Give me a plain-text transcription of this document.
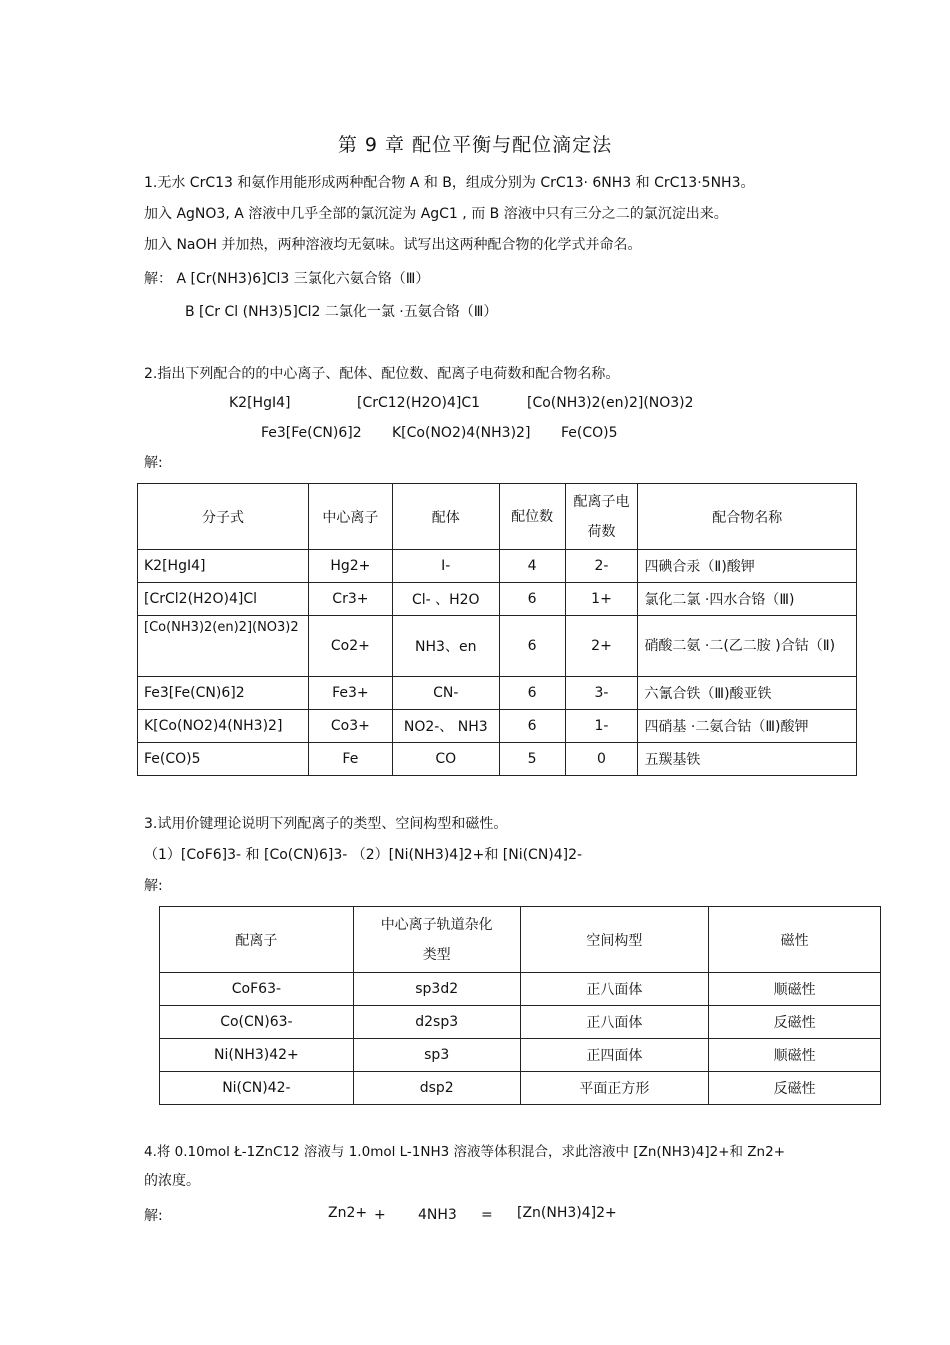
第 9 章 配位平衡与配位滴定法
1.无水 CrC13 和氨作用能形成两种配合物 A 和 B，组成分别为 CrC13· 6NH3 和 CrC13·5NH3。
加入 AgNO3, A 溶液中几乎全部的氯沉淀为 AgC1 , 而 B 溶液中只有三分之二的氯沉淀出来。
加入 NaOH 并加热，两种溶液均无氨味。试写出这两种配合物的化学式并命名。
解： A [Cr(NH3)6]Cl3 三氯化六氨合铬（Ⅲ）
B [Cr Cl (NH3)5]Cl2 二氯化一氯 ·五氨合铬（Ⅲ）
2.指出下列配合的的中心离子、配体、配位数、配离子电荷数和配合物名称。
K2[HgI4]	[CrC12(H2O)4]C1	[Co(NH3)2(en)2](NO3)2
Fe3[Fe(CN)6]2 K[Co(NO2)4(NH3)2] Fe(CO)5
解:
分子式	中心离子	配体	配位数	配离子电荷数	配合物名称
K2[HgI4]	Hg2+	I-	4	2-	四碘合汞（Ⅱ)酸钾
[CrCl2(H2O)4]Cl	Cr3+	Cl- 、H2O	6	1+	氯化二氯 ·四水合铬（Ⅲ)
[Co(NH3)2(en)2](NO3)2	Co2+	NH3、en	6	2+	硝酸二氨 ·二(乙二胺 )合钴（Ⅱ)
Fe3[Fe(CN)6]2	Fe3+	CN-	6	3-	六氰合铁（Ⅲ)酸亚铁
K[Co(NO2)4(NH3)2]	Co3+	NO2-、 NH3	6	1-	四硝基 ·二氨合钴（Ⅲ)酸钾
Fe(CO)5	Fe	CO	5	0	五羰基铁
3.试用价键理论说明下列配离子的类型、空间构型和磁性。
（1）[CoF6]3- 和 [Co(CN)6]3- （2）[Ni(NH3)4]2+和 [Ni(CN)4]2-
解:
配离子	中心离子轨道杂化类型	空间构型	磁性
CoF63-	sp3d2	正八面体	顺磁性
Co(CN)63-	d2sp3	正八面体	反磁性
Ni(NH3)42+	sp3	正四面体	顺磁性
Ni(CN)42-	dsp2	平面正方形	反磁性
4.将 0.10mol Ł-1ZnC12 溶液与 1.0mol L-1NH3 溶液等体积混合，求此溶液中 [Zn(NH3)4]2+和 Zn2+
的浓度。
解:	Zn2+ + 4NH3 = [Zn(NH3)4]2+
